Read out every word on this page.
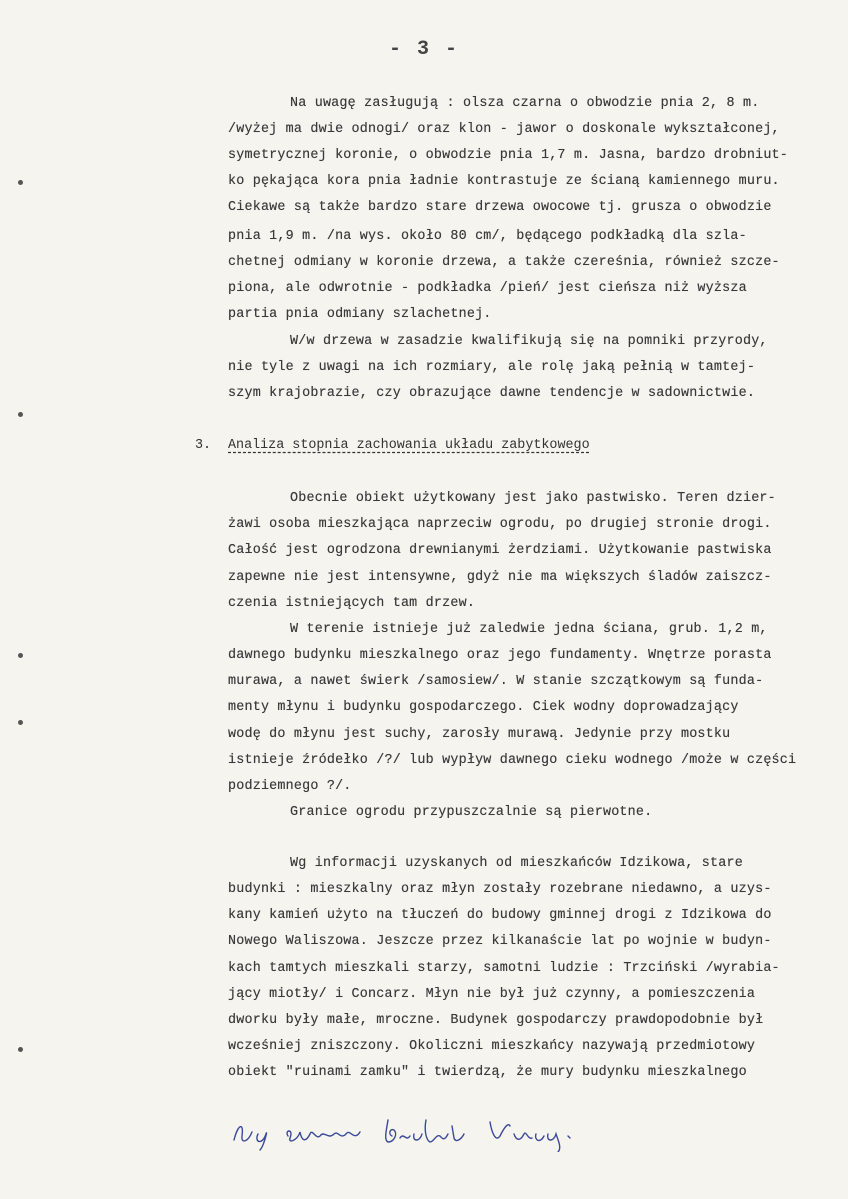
- 3 -
Na uwagę zasługują : olsza czarna o obwodzie pnia 2, 8 m.
/wyżej ma dwie odnogi/ oraz klon - jawor o doskonale wykształconej,
symetrycznej koronie, o obwodzie pnia 1,7 m. Jasna, bardzo drobniut-
ko pękająca kora pnia ładnie kontrastuje ze ścianą kamiennego muru.
Ciekawe są także bardzo stare drzewa owocowe tj. grusza o obwodzie
pnia 1,9 m. /na wys. około 80 cm/, będącego podkładką dla szla-
chetnej odmiany w koronie drzewa, a także czereśnia, również szcze-
piona, ale odwrotnie - podkładka /pień/ jest cieńsza niż wyższa
partia pnia odmiany szlachetnej.
W/w drzewa w zasadzie kwalifikują się na pomniki przyrody,
nie tyle z uwagi na ich rozmiary, ale rolę jaką pełnią w tamtej-
szym krajobrazie, czy obrazujące dawne tendencje w sadownictwie.
3. Analiza stopnia zachowania układu zabytkowego
Obecnie obiekt użytkowany jest jako pastwisko. Teren dzier-
żawi osoba mieszkająca naprzeciw ogrodu, po drugiej stronie drogi.
Całość jest ogrodzona drewnianymi żerdziami. Użytkowanie pastwiska
zapewne nie jest intensywne, gdyż nie ma większych śladów zaiszcz-
czenia istniejących tam drzew.
W terenie istnieje już zaledwie jedna ściana, grub. 1,2 m,
dawnego budynku mieszkalnego oraz jego fundamenty. Wnętrze porasta
murawa, a nawet świerk /samosiew/. W stanie szczątkowym są funda-
menty młynu i budynku gospodarczego. Ciek wodny doprowadzający
wodę do młynu jest suchy, zarosły murawą. Jedynie przy mostku
istnieje źródełko /?/ lub wypływ dawnego cieku wodnego /może w części
podziemnego ?/.
Granice ogrodu przypuszczalnie są pierwotne.
Wg informacji uzyskanych od mieszkańców Idzikowa, stare
budynki : mieszkalny oraz młyn zostały rozebrane niedawno, a uzys-
kany kamień użyto na tłuczeń do budowy gminnej drogi z Idzikowa do
Nowego Waliszowa. Jeszcze przez kilkanaście lat po wojnie w budyn-
kach tamtych mieszkali starzy, samotni ludzie : Trzciński /wyrabia-
jący miotły/ i Concarz. Młyn nie był już czynny, a pomieszczenia
dworku były małe, mroczne. Budynek gospodarczy prawdopodobnie był
wcześniej zniszczony. Okoliczni mieszkańcy nazywają przedmiotowy
obiekt "ruinami zamku" i twierdzą, że mury budynku mieszkalnego
